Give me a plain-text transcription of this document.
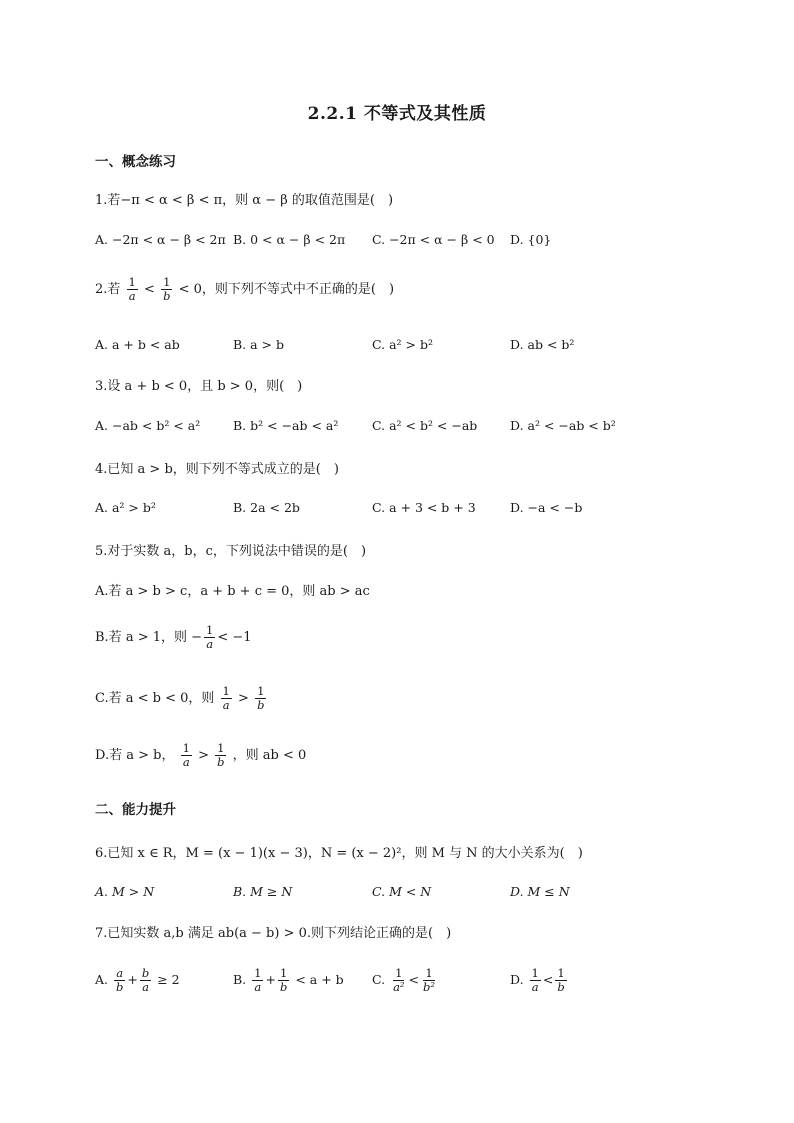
2.2.1 不等式及其性质
一、概念练习
1.若−π < α < β < π，则 α − β 的取值范围是(　)
A. −2π < α − β < 2π B. 0 < α − β < 2π C. −2π < α − β < 0 D. {0}
2.若 $\frac{1}{a} < \frac{1}{b} < 0$，则下列不等式中不正确的是(　)
A. a + b < ab	B. a > b	C. a² > b²	D. ab < b²
3.设 a + b < 0，且 b > 0，则(　)
A. −ab < b² < a²	B. b² < −ab < a²	C. a² < b² < −ab	D. a² < −ab < b²
4.已知 a > b，则下列不等式成立的是(　)
A. a² > b²	B. 2a < 2b	C. a + 3 < b + 3	D. −a < −b
5.对于实数 a，b，c，下列说法中错误的是(　)
A.若 a > b > c，a + b + c = 0，则 ab > ac
B.若 a > 1，则 − $\frac{1}{a} < -1$
C.若 a < b < 0，则 $\frac{1}{a} > \frac{1}{b}$
D.若 a > b， $\frac{1}{a} > \frac{1}{b}$ ，则 ab < 0
二、能力提升
6.已知 x ∈ R，M = (x − 1)(x − 3)，N = (x − 2)²，则 M 与 N 的大小关系为(　)
A. M > N	B. M ≥ N	C. M < N	D. M ≤ N
7.已知实数 a,b 满足 ab(a − b) > 0.则下列结论正确的是(　)
A. $\frac{a}{b} + \frac{b}{a} \ge 2$	B. $\frac{1}{a} + \frac{1}{b} < a + b$ C. $\frac{1}{\text{a²}} < \frac{1}{\text{b²}}$	D. $\frac{1}{a} < \frac{1}{b}$
